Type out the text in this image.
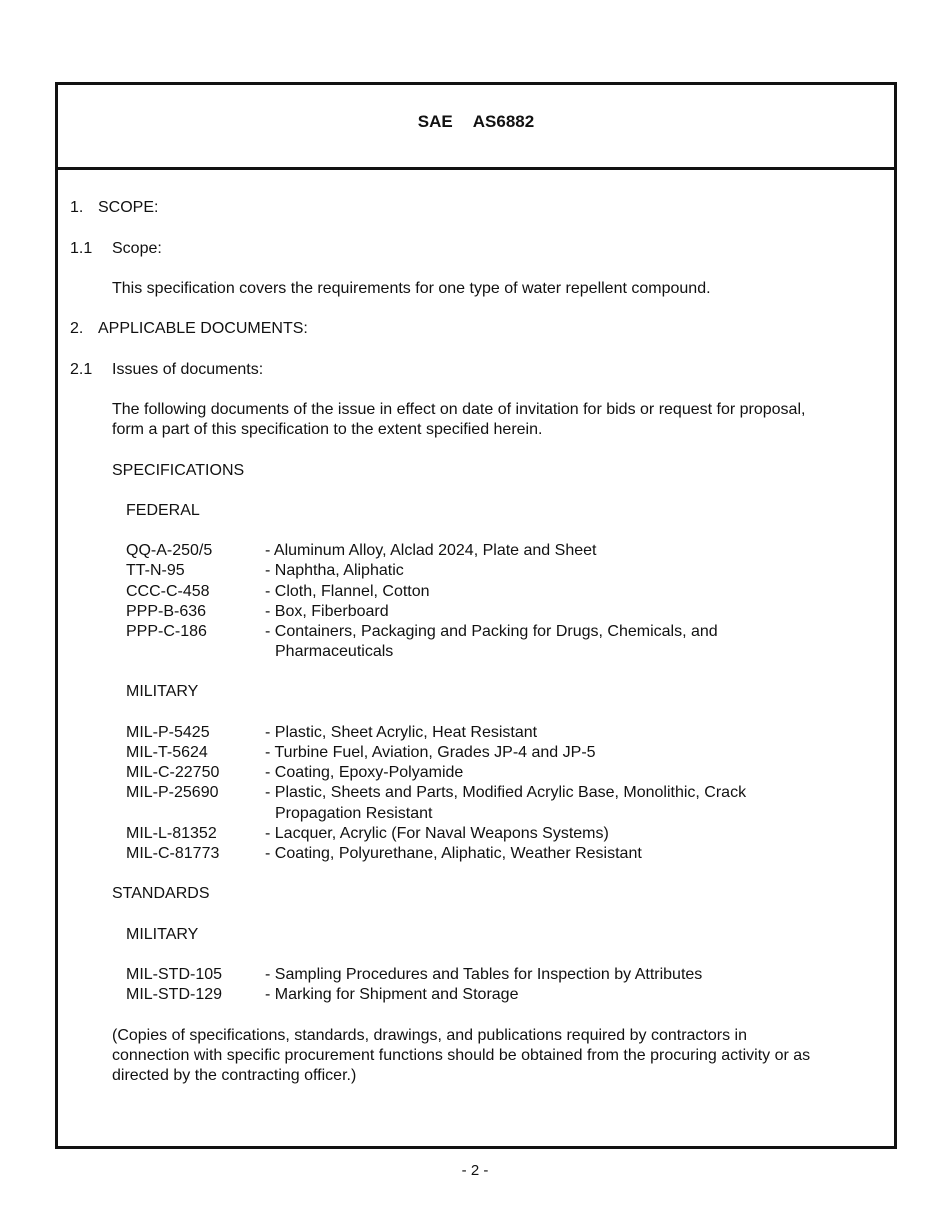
SAE AS6882
1. SCOPE:
1.1 Scope:
This specification covers the requirements for one type of water repellent compound.
2. APPLICABLE DOCUMENTS:
2.1 Issues of documents:
The following documents of the issue in effect on date of invitation for bids or request for proposal,
form a part of this specification to the extent specified herein.
SPECIFICATIONS
FEDERAL
QQ-A-250/5	- Aluminum Alloy, Alclad 2024, Plate and Sheet
TT-N-95	- Naphtha, Aliphatic
CCC-C-458	- Cloth, Flannel, Cotton
PPP-B-636	- Box, Fiberboard
PPP-C-186	- Containers, Packaging and Packing for Drugs, Chemicals, and
Pharmaceuticals
MILITARY
MIL-P-5425	- Plastic, Sheet Acrylic, Heat Resistant
MIL-T-5624	- Turbine Fuel, Aviation, Grades JP-4 and JP-5
MIL-C-22750	- Coating, Epoxy-Polyamide
MIL-P-25690	- Plastic, Sheets and Parts, Modified Acrylic Base, Monolithic, Crack
Propagation Resistant
MIL-L-81352	- Lacquer, Acrylic (For Naval Weapons Systems)
MIL-C-81773	- Coating, Polyurethane, Aliphatic, Weather Resistant
STANDARDS
MILITARY
MIL-STD-105	- Sampling Procedures and Tables for Inspection by Attributes
MIL-STD-129	- Marking for Shipment and Storage
(Copies of specifications, standards, drawings, and publications required by contractors in
connection with specific procurement functions should be obtained from the procuring activity or as
directed by the contracting officer.)
- 2 -
